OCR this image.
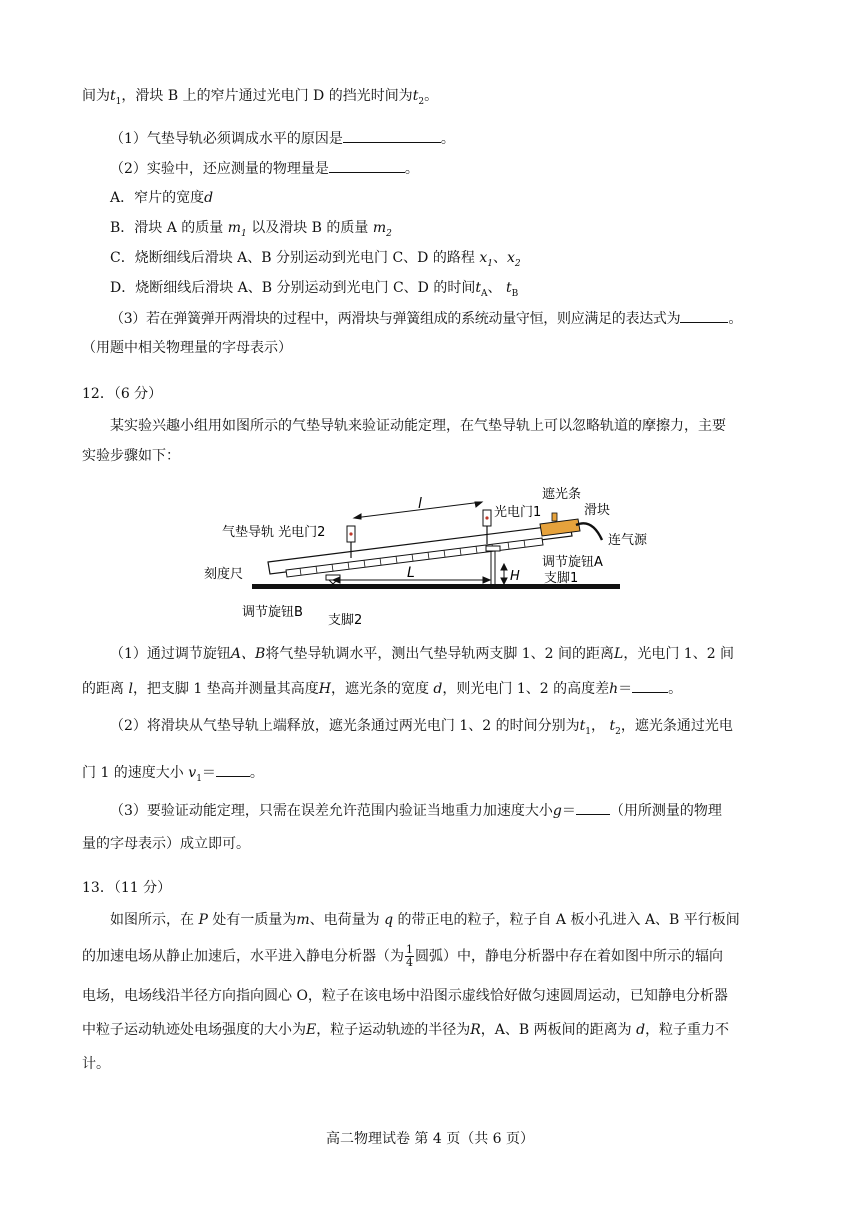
间为$t_1$，滑块 B 上的窄片通过光电门 D 的挡光时间为$t_2$。
（1）气垫导轨必须调成水平的原因是	。
（2）实验中，还应测量的物理量是	。
A．窄片的宽度d
B．滑块 A 的质量 $m_1$ 以及滑块 B 的质量 $m_2$
C．烧断细线后滑块 A、B 分别运动到光电门 C、D 的路程 $x_1$、$x_2$
D．烧断细线后滑块 A、B 分别运动到光电门 C、D 的时间$t_A$、 $t_B$
（3）若在弹簧弹开两滑块的过程中，两滑块与弹簧组成的系统动量守恒，则应满足的表达式为	。
（用题中相关物理量的字母表示）
12．（6 分）
某实验兴趣小组用如图所示的气垫导轨来验证动能定理，在气垫导轨上可以忽略轨道的摩擦力，主要
实验步骤如下：
遮光条
滑块
光电门1
气垫导轨 光电门2
连气源
调节旋钮A
刻度尺	支脚1
调节旋钮B
支脚2
l
L	H
（1）通过调节旋钮A、B将气垫导轨调水平，测出气垫导轨两支脚 1、2 间的距离L，光电门 1、2 间
的距离 l，把支脚 1 垫高并测量其高度H，遮光条的宽度 d，则光电门 1、2 的高度差h＝	。
（2）将滑块从气垫导轨上端释放，遮光条通过两光电门 1、2 的时间分别为$t_1$， $t_2$，遮光条通过光电
门 1 的速度大小 $v_1=$ 。
（3）要验证动能定理，只需在误差允许范围内验证当地重力加速度大小g＝ （用所测量的物理
量的字母表示）成立即可。
13．（11 分）
如图所示，在 P 处有一质量为m、电荷量为 q 的带正电的粒子，粒子自 A 板小孔进入 A、B 平行板间
的加速电场从静止加速后，水平进入静电分析器（为 $\frac{1}{4}$ 圆弧）中，静电分析器中存在着如图中所示的辐向
电场，电场线沿半径方向指向圆心 O，粒子在该电场中沿图示虚线恰好做匀速圆周运动，已知静电分析器
中粒子运动轨迹处电场强度的大小为E，粒子运动轨迹的半径为R，A、B 两板间的距离为 d，粒子重力不
计。
高二物理试卷 第 4 页（共 6 页）
